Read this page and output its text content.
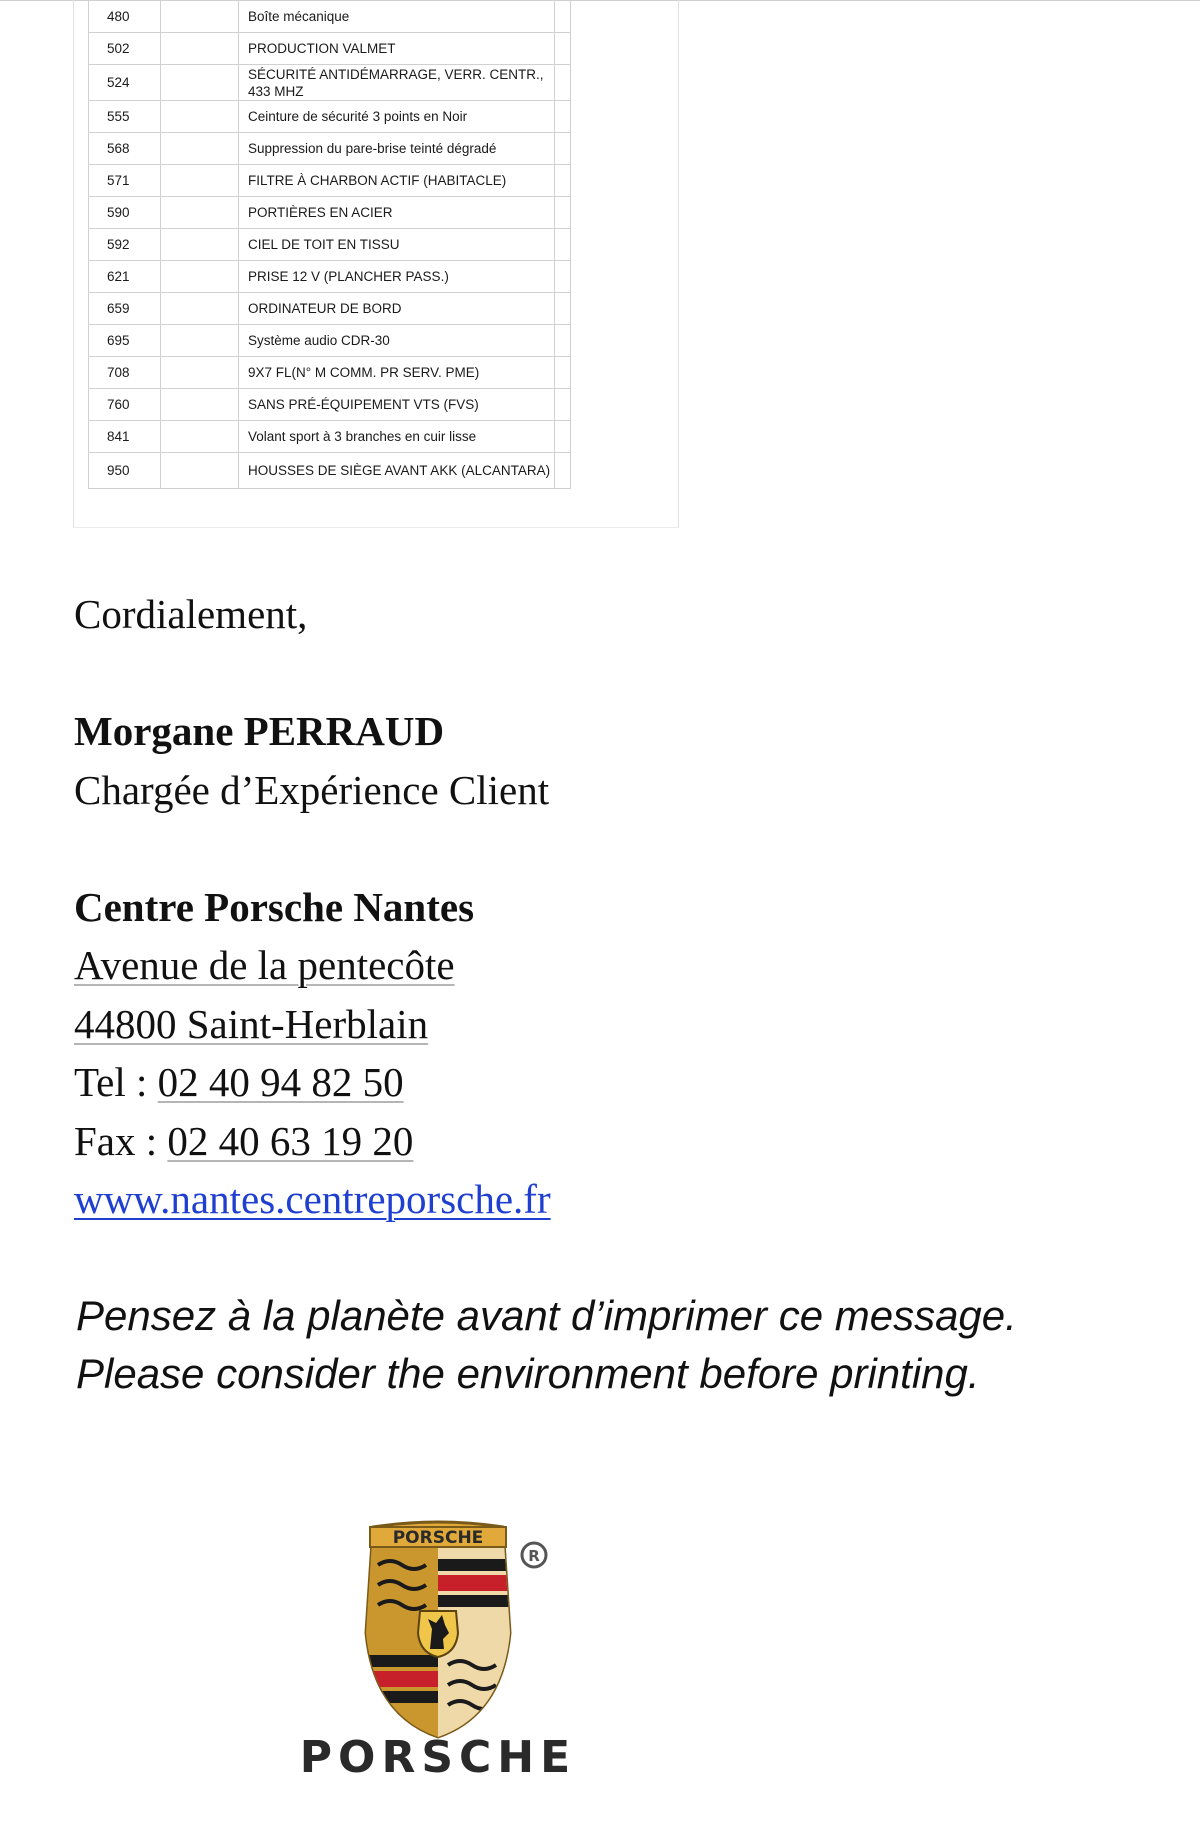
480		Boîte mécanique	
502		PRODUCTION VALMET	
524		SÉCURITÉ ANTIDÉMARRAGE, VERR. CENTR., 433 MHZ	
555		Ceinture de sécurité 3 points en Noir	
568		Suppression du pare-brise teinté dégradé	
571		FILTRE À CHARBON ACTIF (HABITACLE)	
590		PORTIÈRES EN ACIER	
592		CIEL DE TOIT EN TISSU	
621		PRISE 12 V (PLANCHER PASS.)	
659		ORDINATEUR DE BORD	
695		Système audio CDR-30	
708		9X7 FL(N° M COMM. PR SERV. PME)	
760		SANS PRÉ-ÉQUIPEMENT VTS (FVS)	
841		Volant sport à 3 branches en cuir lisse	
950		HOUSSES DE SIÈGE AVANT AKK (ALCANTARA)	

Cordialement,

Morgane PERRAUD

Chargée d’Expérience Client

Centre Porsche Nantes

Avenue de la pentecôte

44800 Saint-Herblain

Tel : 02 40 94 82 50

Fax : 02 40 63 19 20

www.nantes.centreporsche.fr

Pensez à la planète avant d’imprimer ce message.

Please consider the environment before printing.

PORSCHE
R
PORSCHE
